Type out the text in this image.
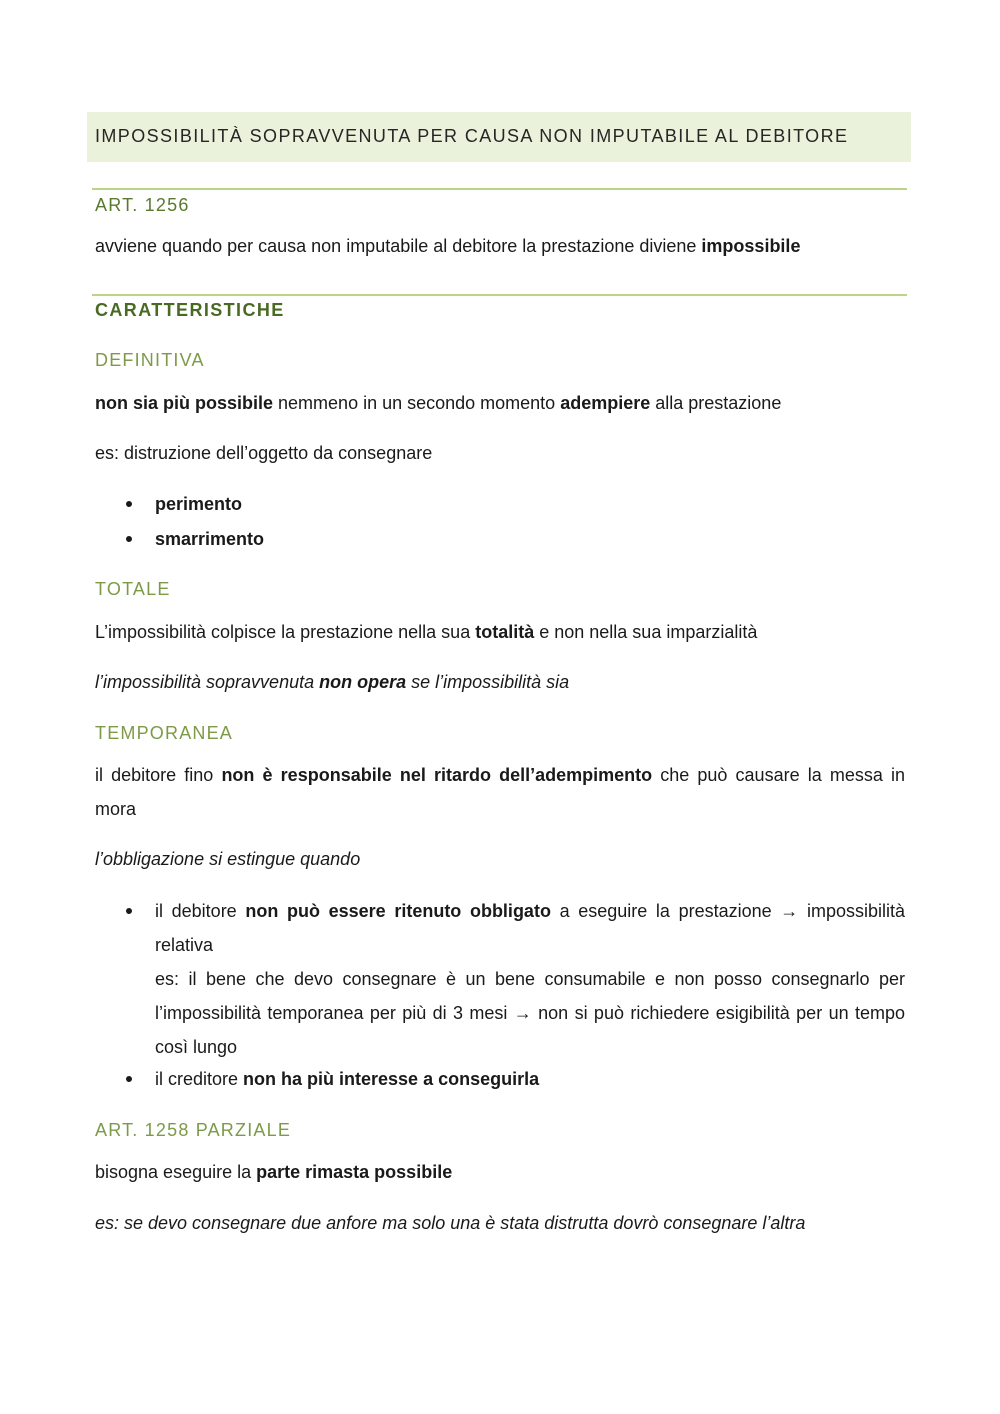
IMPOSSIBILITÀ SOPRAVVENUTA PER CAUSA NON IMPUTABILE AL DEBITORE
ART. 1256
avviene quando per causa non imputabile al debitore la prestazione diviene impossibile
CARATTERISTICHE
DEFINITIVA
non sia più possibile nemmeno in un secondo momento adempiere alla prestazione
es: distruzione dell’oggetto da consegnare
perimento
smarrimento
TOTALE
L’impossibilità colpisce la prestazione nella sua totalità e non nella sua imparzialità
l’impossibilità sopravvenuta non opera se l’impossibilità sia
TEMPORANEA
il debitore fino non è responsabile nel ritardo dell’adempimento che può causare la messa in mora
l’obbligazione si estingue quando
il debitore non può essere ritenuto obbligato a eseguire la prestazione → impossibilità relativa
es: il bene che devo consegnare è un bene consumabile e non posso consegnarlo per l’impossibilità temporanea per più di 3 mesi → non si può richiedere esigibilità per un tempo così lungo
il creditore non ha più interesse a conseguirla
ART. 1258 PARZIALE
bisogna eseguire la parte rimasta possibile
es: se devo consegnare due anfore ma solo una è stata distrutta dovrò consegnare l’altra
